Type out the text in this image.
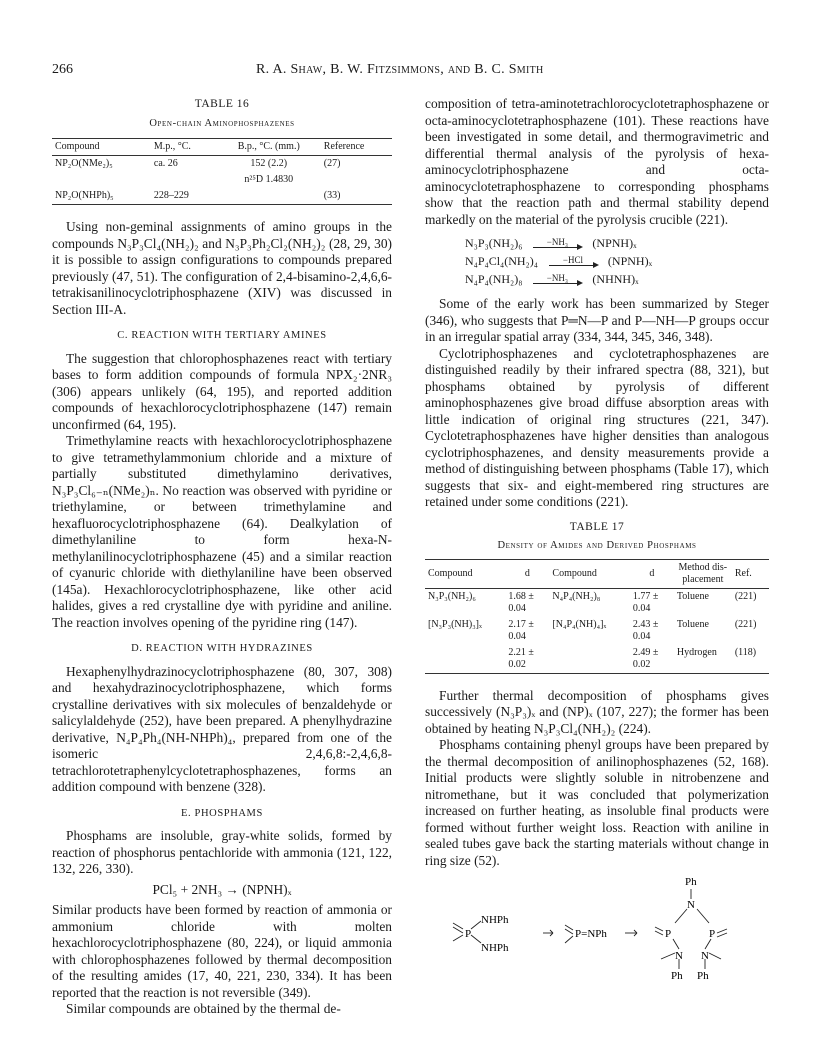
266	R. A. Shaw, B. W. Fitzsimmons, and B. C. Smith
TABLE 16
Open-chain Aminophosphazenes
Compound	M.p., °C.	B.p., °C. (mm.)	Reference
NP₂O(NMe₂)₅	ca. 26	152 (2.2)	(27)
		n²⁵D 1.4830	
NP₂O(NHPh)₅	228–229		(33)

Using non-geminal assignments of amino groups in the compounds N₃P₃Cl₄(NH₂)₂ and N₃P₃Ph₂Cl₂(NH₂)₂ (28, 29, 30) it is possible to assign configurations to compounds prepared previously (47, 51). The configuration of 2,4-bisamino-2,4,6,6-tetrakisanilinocyclotriphosphazene (XIV) was discussed in Section III-A.

C. REACTION WITH TERTIARY AMINES

The suggestion that chlorophosphazenes react with tertiary bases to form addition compounds of formula NPX₂·2NR₃ (306) appears unlikely (64, 195), and reported addition compounds of hexachlorocyclotriphosphazene (147) remain unconfirmed (64, 195).

Trimethylamine reacts with hexachlorocyclotriphosphazene to give tetramethylammonium chloride and a mixture of partially substituted dimethylamino derivatives, N₃P₃Cl₆₋ₙ(NMe₂)ₙ. No reaction was observed with pyridine or triethylamine, or between trimethylamine and hexafluorocyclotriphosphazene (64). Dealkylation of dimethylaniline to form hexa-N-methylanilinocyclotriphosphazene (45) and a similar reaction of cyanuric chloride with diethylaniline have been observed (145a). Hexachlorocyclotriphosphazene, like other acid halides, gives a red crystalline dye with pyridine and aniline. The reaction involves opening of the pyridine ring (147).

D. REACTION WITH HYDRAZINES

Hexaphenylhydrazinocyclotriphosphazene (80, 307, 308) and hexahydrazinocyclotriphosphazene, which forms crystalline derivatives with six molecules of benzaldehyde or salicylaldehyde (252), have been prepared. A phenylhydrazine derivative, N₄P₄Ph₄(NH-NHPh)₄, prepared from one of the isomeric 2,4,6,8:-2,4,6,8-tetrachlorotetraphenylcyclotetraphosphazenes, forms an addition compound with benzene (328).

E. PHOSPHAMS

Phosphams are insoluble, gray-white solids, formed by reaction of phosphorus pentachloride with ammonia (121, 122, 132, 226, 330).

PCl₅ + 2NH₃ → (NPNH)ₓ

Similar products have been formed by reaction of ammonia or ammonium chloride with molten hexachlorocyclotriphosphazene (80, 224), or liquid ammonia with chlorophosphazenes followed by thermal decomposition of the resulting amides (17, 40, 221, 230, 334). It has been reported that the reaction is not reversible (349).

Similar compounds are obtained by the thermal de-

composition of tetra-aminotetrachlorocyclotetraphosphazene or octa-aminocyclotetraphosphazene (101). These reactions have been investigated in some detail, and thermogravimetric and differential thermal analysis of the pyrolysis of hexa-aminocyclotriphosphazene and octa-aminocyclotetraphosphazene to corresponding phosphams show that the reaction path and thermal stability depend markedly on the material of the pyrolysis crucible (221).

N₃P₃(NH₂)₆	−NH₃ (NPNH)ₓ
N₄P₄Cl₄(NH₂)₄	−HCl (NPNH)ₓ
N₄P₄(NH₂)₈	−NH₃ (NHNH)ₓ

Some of the early work has been summarized by Steger (346), who suggests that P═N—P and P—NH—P groups occur in an irregular spatial array (334, 344, 345, 346, 348).

Cyclotriphosphazenes and cyclotetraphosphazenes are distinguished readily by their infrared spectra (88, 321), but phosphams obtained by pyrolysis of different aminophosphazenes give broad diffuse absorption areas with little indication of original ring structures (221, 347). Cyclotetraphosphazenes have higher densities than analogous cyclotriphosphazenes, and density measurements provide a method of distinguishing between phosphams (Table 17), which suggests that six- and eight-membered ring structures are retained under some conditions (221).

TABLE 17
Density of Amides and Derived Phosphams
Compound	d	Compound	d	Method dis- placement	Ref.
N₃P₃(NH₂)₆	1.68 ± 0.04	N₄P₄(NH₂)₈	1.77 ± 0.04	Toluene	(221)
[N₃P₃(NH)₃]ₓ	2.17 ± 0.04	[N₄P₄(NH)₄]ₓ	2.43 ± 0.04	Toluene	(221)
	2.21 ± 0.02		2.49 ± 0.02	Hydrogen	(118)

Further thermal decomposition of phosphams gives successively (N₃P₃)ₓ and (NP)ₓ (107, 227); the former has been obtained by heating N₃P₃Cl₄(NH₂)₂ (224).

Phosphams containing phenyl groups have been prepared by the thermal decomposition of anilinophosphazenes (52, 168). Initial products were slightly soluble in nitrobenzene and nitromethane, but it was concluded that polymerization increased on further heating, as insoluble final products were formed without further weight loss. Reaction with aniline in sealed tubes gave back the starting materials without change in ring size (52).

P
NHPh
NHPh
P=NPh
Ph
N
P	P
N N
Ph Ph
